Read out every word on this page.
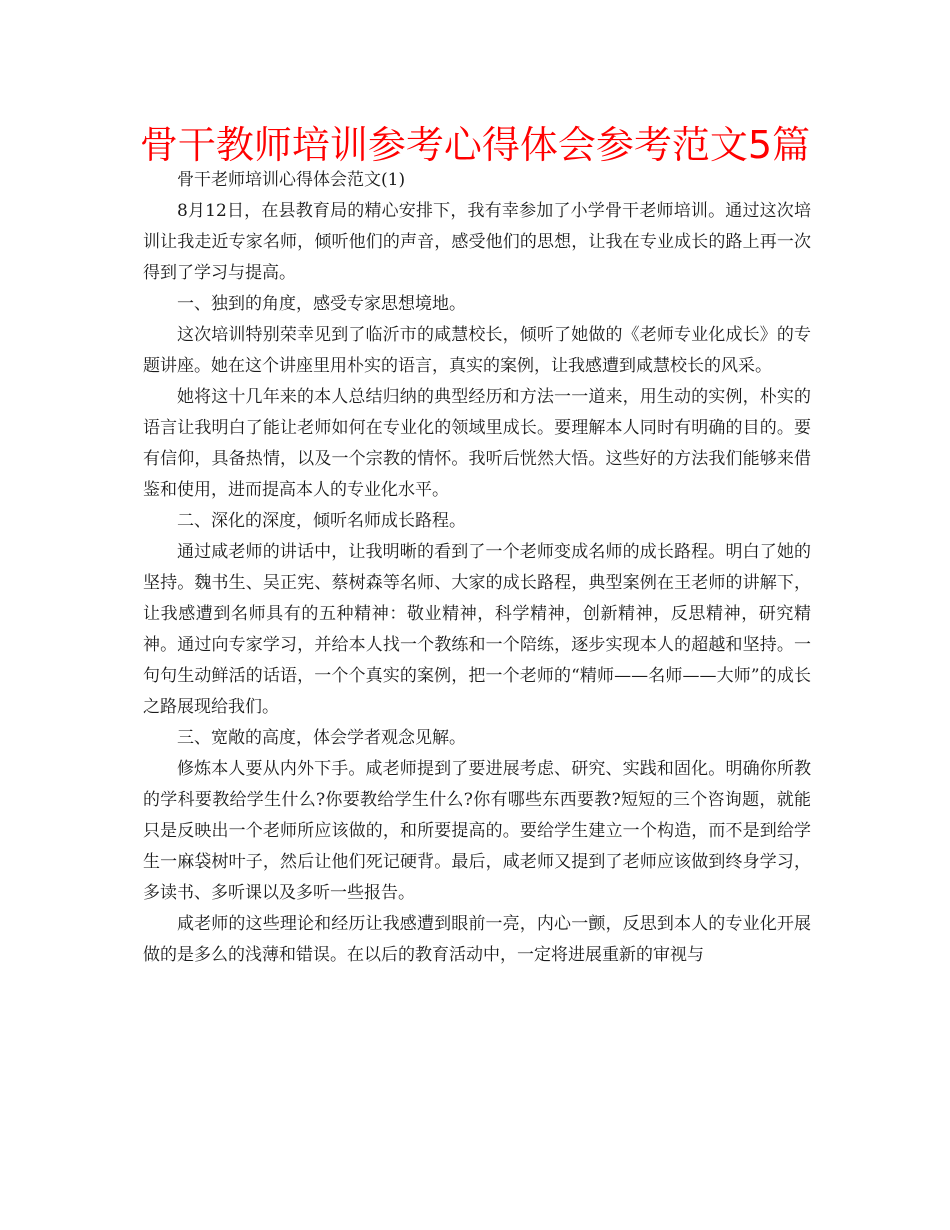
骨干教师培训参考心得体会参考范文5篇

骨干老师培训心得体会范文(1)

8月12日，在县教育局的精心安排下，我有幸参加了小学骨干老师培训。通过这次培训让我走近专家名师，倾听他们的声音，感受他们的思想，让我在专业成长的路上再一次得到了学习与提高。

一、独到的角度，感受专家思想境地。

这次培训特别荣幸见到了临沂市的咸慧校长，倾听了她做的《老师专业化成长》的专题讲座。她在这个讲座里用朴实的语言，真实的案例，让我感遭到咸慧校长的风采。

她将这十几年来的本人总结归纳的典型经历和方法一一道来，用生动的实例，朴实的语言让我明白了能让老师如何在专业化的领域里成长。要理解本人同时有明确的目的。要有信仰，具备热情，以及一个宗教的情怀。我听后恍然大悟。这些好的方法我们能够来借鉴和使用，进而提高本人的专业化水平。

二、深化的深度，倾听名师成长路程。

通过咸老师的讲话中，让我明晰的看到了一个老师变成名师的成长路程。明白了她的坚持。魏书生、吴正宪、蔡树森等名师、大家的成长路程，典型案例在王老师的讲解下，让我感遭到名师具有的五种精神：敬业精神，科学精神，创新精神，反思精神，研究精神。通过向专家学习，并给本人找一个教练和一个陪练，逐步实现本人的超越和坚持。一句句生动鲜活的话语，一个个真实的案例，把一个老师的“精师——名师——大师”的成长之路展现给我们。

三、宽敞的高度，体会学者观念见解。

修炼本人要从内外下手。咸老师提到了要进展考虑、研究、实践和固化。明确你所教的学科要教给学生什么?你要教给学生什么?你有哪些东西要教?短短的三个咨询题，就能只是反映出一个老师所应该做的，和所要提高的。要给学生建立一个构造，而不是到给学生一麻袋树叶子，然后让他们死记硬背。最后，咸老师又提到了老师应该做到终身学习，多读书、多听课以及多听一些报告。

咸老师的这些理论和经历让我感遭到眼前一亮，内心一颤，反思到本人的专业化开展做的是多么的浅薄和错误。在以后的教育活动中，一定将进展重新的审视与
